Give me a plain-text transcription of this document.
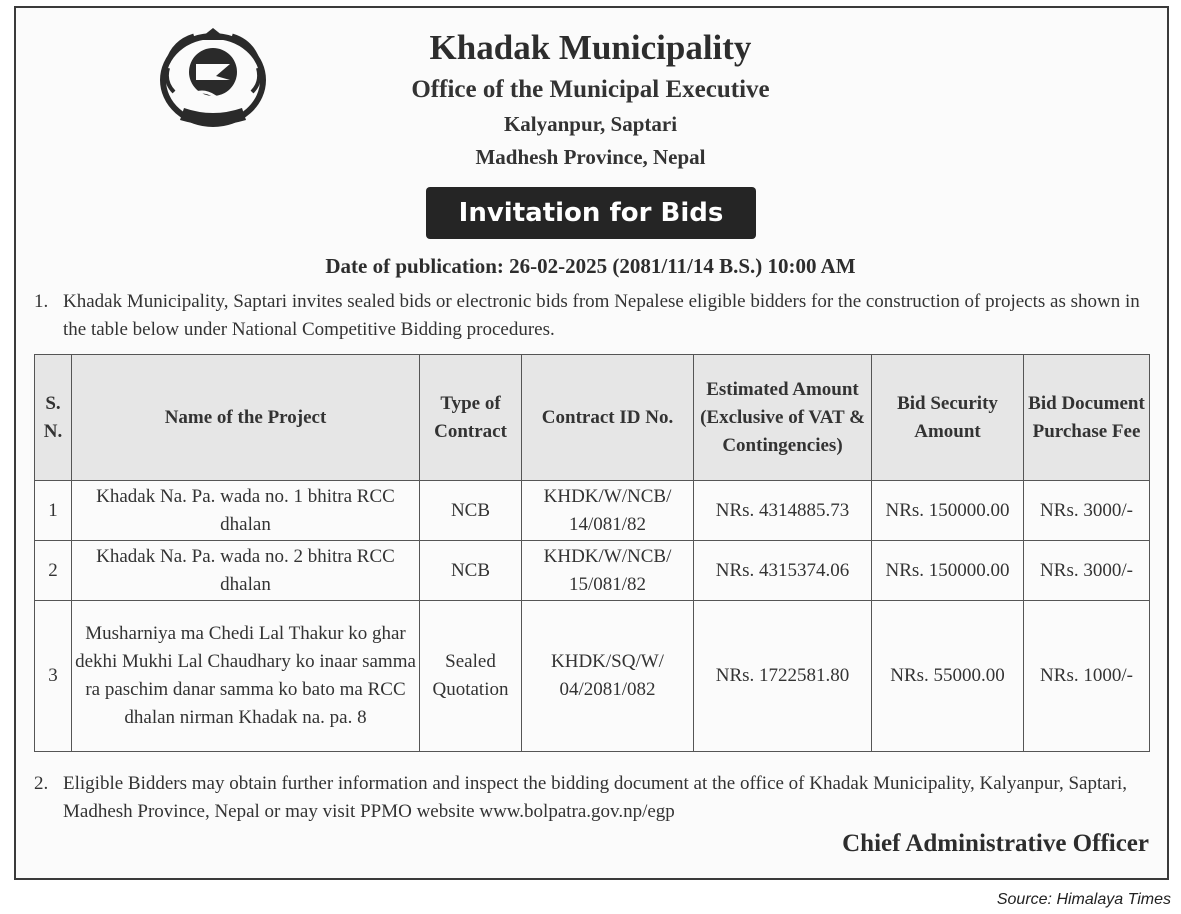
Khadak Municipality
Office of the Municipal Executive
Kalyanpur, Saptari
Madhesh Province, Nepal
Invitation for Bids
Date of publication: 26-02-2025 (2081/11/14 B.S.) 10:00 AM
1. Khadak Municipality, Saptari invites sealed bids or electronic bids from Nepalese eligible bidders for the construction of projects as shown in the table below under National Competitive Bidding procedures.
S. N.	Name of the Project	Type of Contract	Contract ID No.	Estimated Amount (Exclusive of VAT & Contingencies)	Bid Security Amount	Bid Document Purchase Fee
1	Khadak Na. Pa. wada no. 1 bhitra RCC dhalan	NCB	KHDK/W/NCB/ 14/081/82	NRs. 4314885.73	NRs. 150000.00	NRs. 3000/-
2	Khadak Na. Pa. wada no. 2 bhitra RCC dhalan	NCB	KHDK/W/NCB/ 15/081/82	NRs. 4315374.06	NRs. 150000.00	NRs. 3000/-
3	Musharniya ma Chedi Lal Thakur ko ghar dekhi Mukhi Lal Chaudhary ko inaar samma ra paschim danar samma ko bato ma RCC dhalan nirman Khadak na. pa. 8	Sealed Quotation	KHDK/SQ/W/ 04/2081/082	NRs. 1722581.80	NRs. 55000.00	NRs. 1000/-
2. Eligible Bidders may obtain further information and inspect the bidding document at the office of Khadak Municipality, Kalyanpur, Saptari, Madhesh Province, Nepal or may visit PPMO website www.bolpatra.gov.np/egp
Chief Administrative Officer
Source: Himalaya Times
